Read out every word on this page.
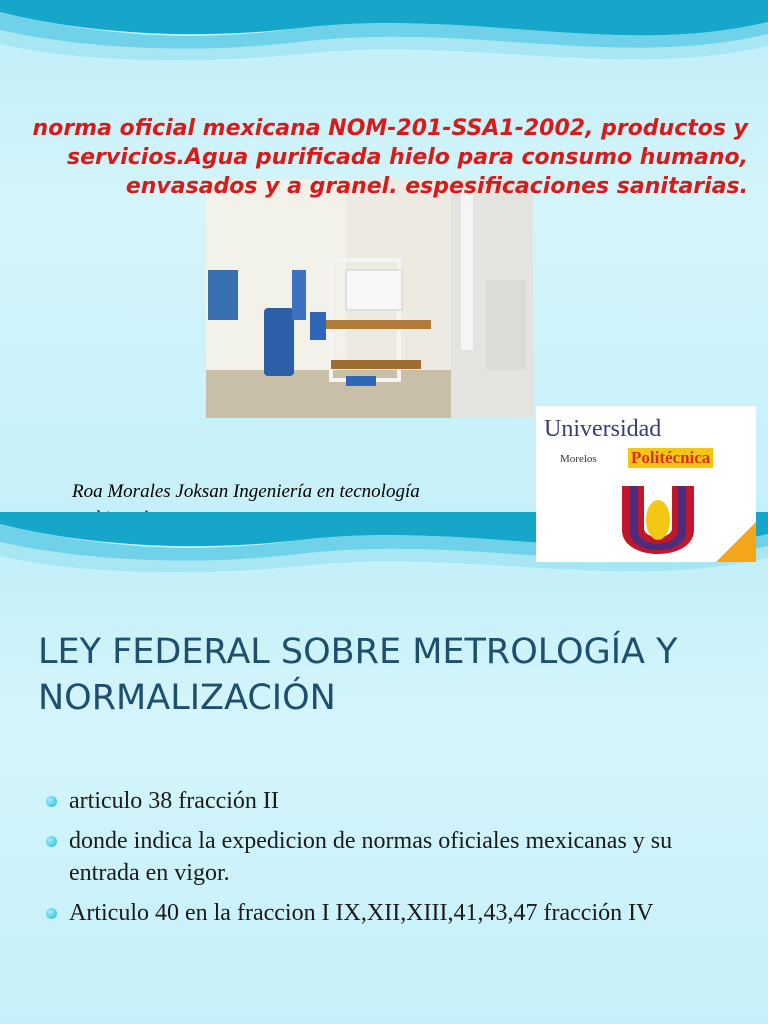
norma oficial mexicana NOM-201-SSA1-2002, productos y servicios.Agua purificada hielo para consumo humano, envasados y a granel. espesificaciones sanitarias.

Roa Morales Joksan Ingeniería en tecnología

Universidad
Morelos Politécnica
LEY FEDERAL SOBRE METROLOGÍA Y NORMALIZACIÓN
articulo 38 fracción II
donde indica la expedicion de normas oficiales mexicanas y su entrada en vigor.
Articulo 40 en la fraccion I IX,XII,XIII,41,43,47 fracción IV
